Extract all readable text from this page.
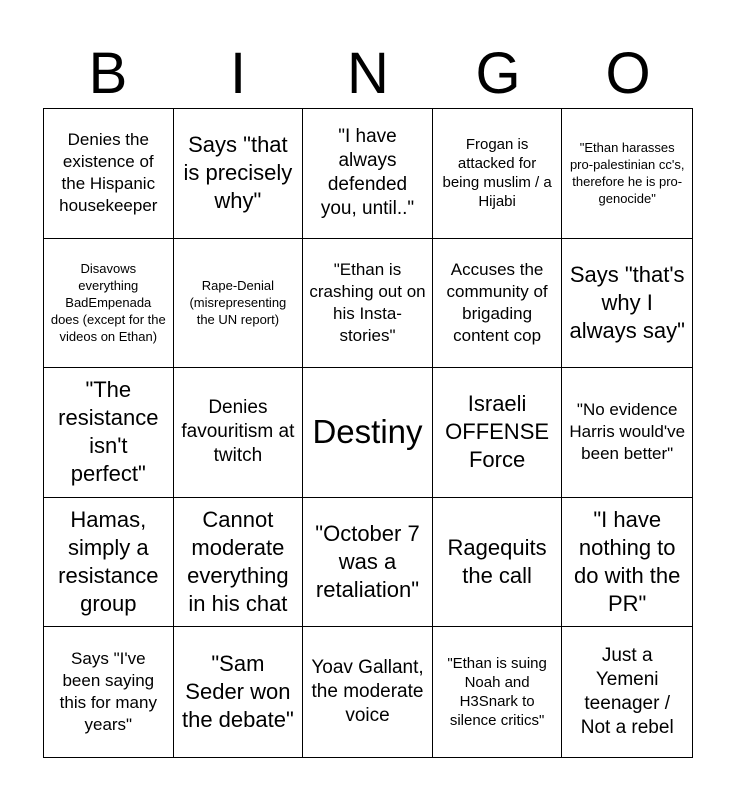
B	I	N	G	O
Denies the existence of the Hispanic housekeeper
Says "that is precisely why"
"I have always defended you, until.."
Frogan is attacked for being muslim / a Hijabi
"Ethan harasses pro-palestinian cc's, therefore he is pro-genocide"
Disavows everything BadEmpenada does (except for the videos on Ethan)
Rape-Denial (misrepresenting the UN report)
"Ethan is crashing out on his Insta-stories"
Accuses the community of brigading content cop
Says "that's why I always say"
"The resistance isn't perfect"
Denies favouritism at twitch
Destiny
Israeli OFFENSE Force
"No evidence Harris would've been better"
Hamas, simply a resistance group
Cannot moderate everything in his chat
"October 7 was a retaliation"
Ragequits the call
"I have nothing to do with the PR"
Says "I've been saying this for many years"
"Sam Seder won the debate"
Yoav Gallant, the moderate voice
"Ethan is suing Noah and H3Snark to silence critics"
Just a Yemeni teenager / Not a rebel
